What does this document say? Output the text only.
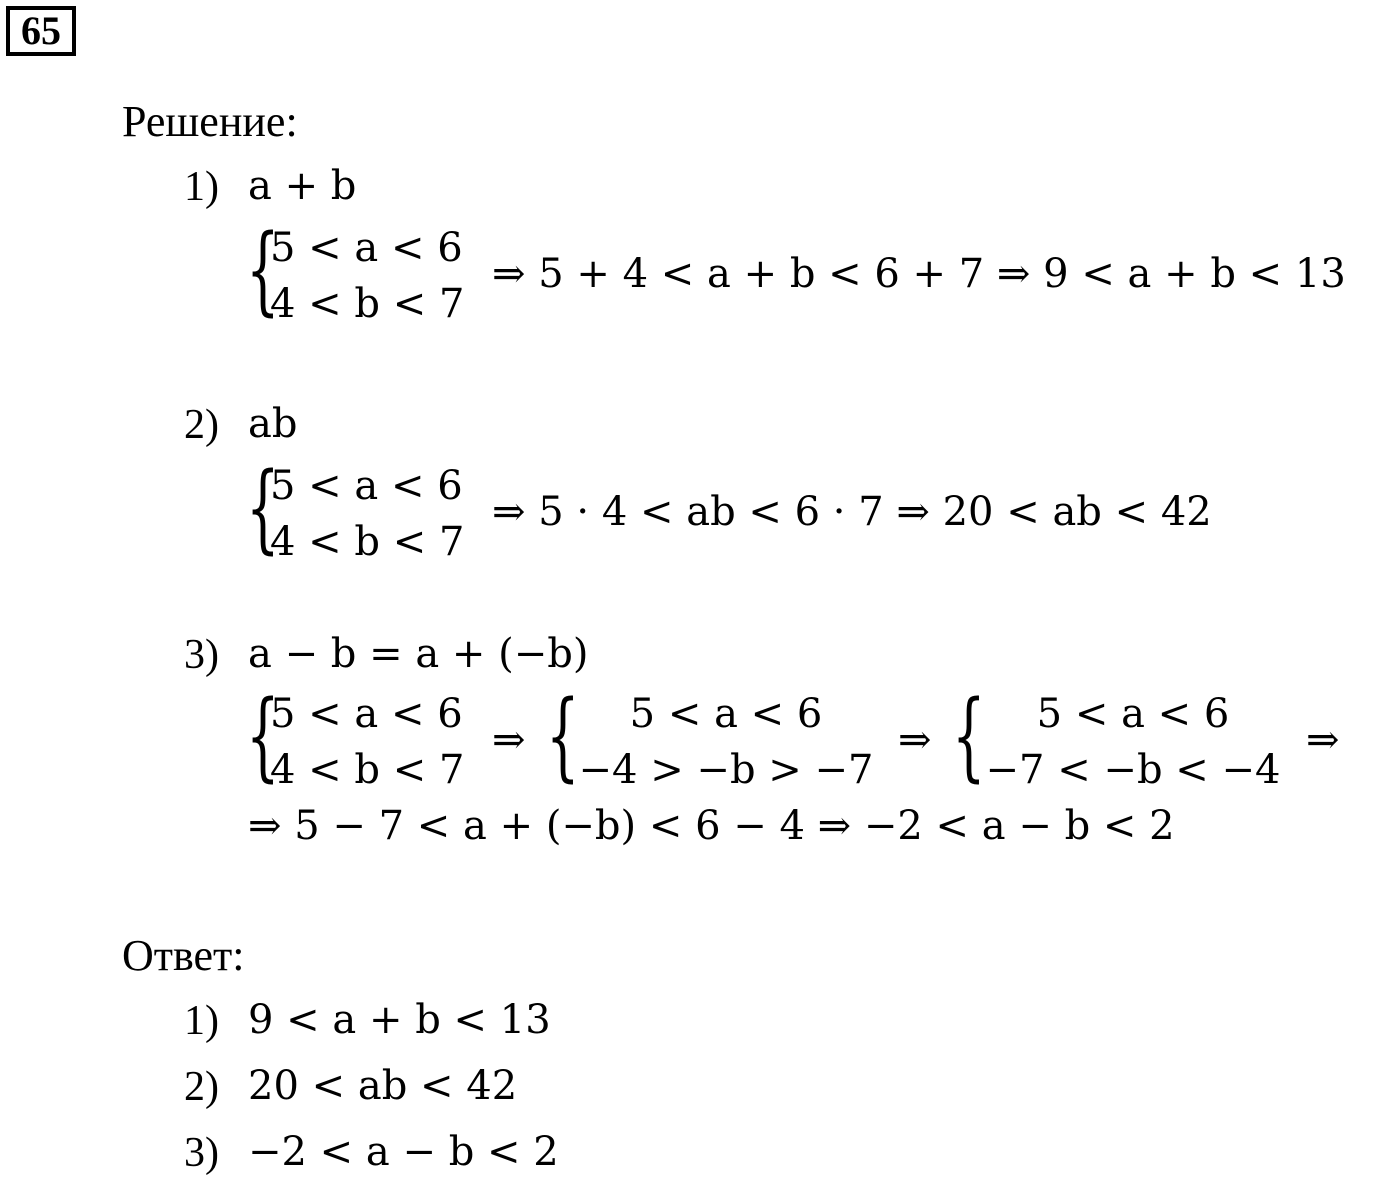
65
Решение:
1) a + b
{
5 < a < 6
4 < b < 7
⇒ 5 + 4 < a + b < 6 + 7 ⇒ 9 < a + b < 13
2) ab
{
5 < a < 6
4 < b < 7
⇒ 5 · 4 < ab < 6 · 7 ⇒ 20 < ab < 42
3) a − b = a + (−b)
{
5 < a < 6
4 < b < 7
⇒ {	5 < a < 6
−4 > −b > −7
⇒ {	5 < a < 6
−7 < −b < −4
⇒
⇒ 5 − 7 < a + (−b) < 6 − 4 ⇒ −2 < a − b < 2
Ответ:
1) 9 < a + b < 13
2) 20 < ab < 42
3) −2 < a − b < 2
